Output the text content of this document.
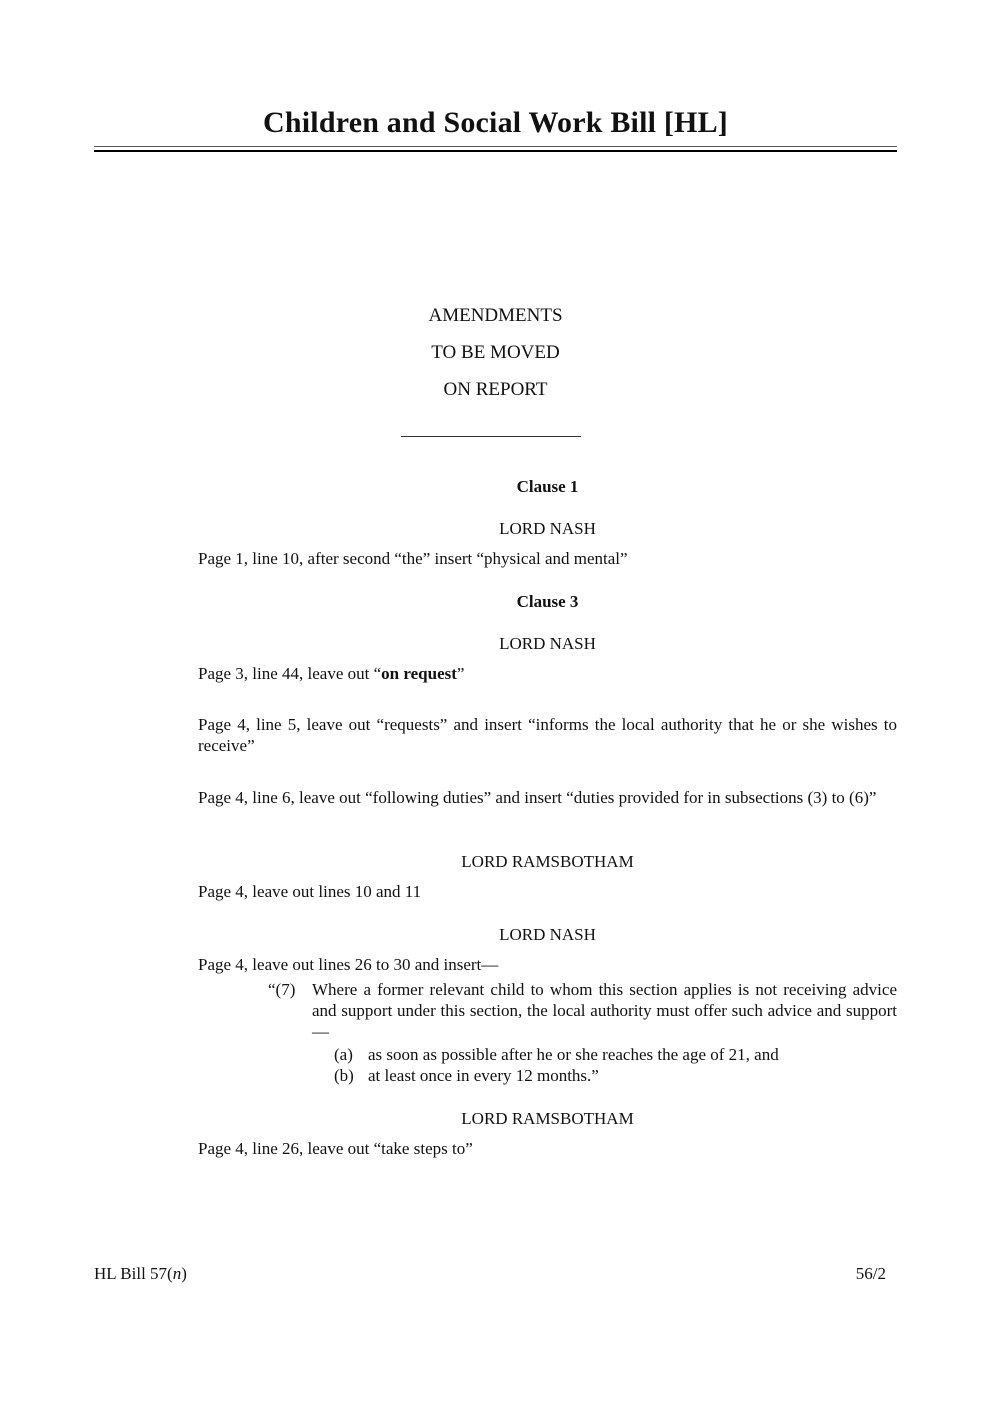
Children and Social Work Bill [HL]
AMENDMENTS
TO BE MOVED
ON REPORT
Clause 1
LORD NASH
Page 1, line 10, after second “the” insert “physical and mental”
Clause 3
LORD NASH
Page 3, line 44, leave out “on request”
Page 4, line 5, leave out “requests” and insert “informs the local authority that he or she wishes to receive”
Page 4, line 6, leave out “following duties” and insert “duties provided for in subsections (3) to (6)”
LORD RAMSBOTHAM
Page 4, leave out lines 10 and 11
LORD NASH
Page 4, leave out lines 26 to 30 and insert—
“(7) Where a former relevant child to whom this section applies is not receiving advice and support under this section, the local authority must offer such advice and support—
(a) as soon as possible after he or she reaches the age of 21, and
(b) at least once in every 12 months.”
LORD RAMSBOTHAM
Page 4, line 26, leave out “take steps to”
HL Bill 57(n)	56/2
